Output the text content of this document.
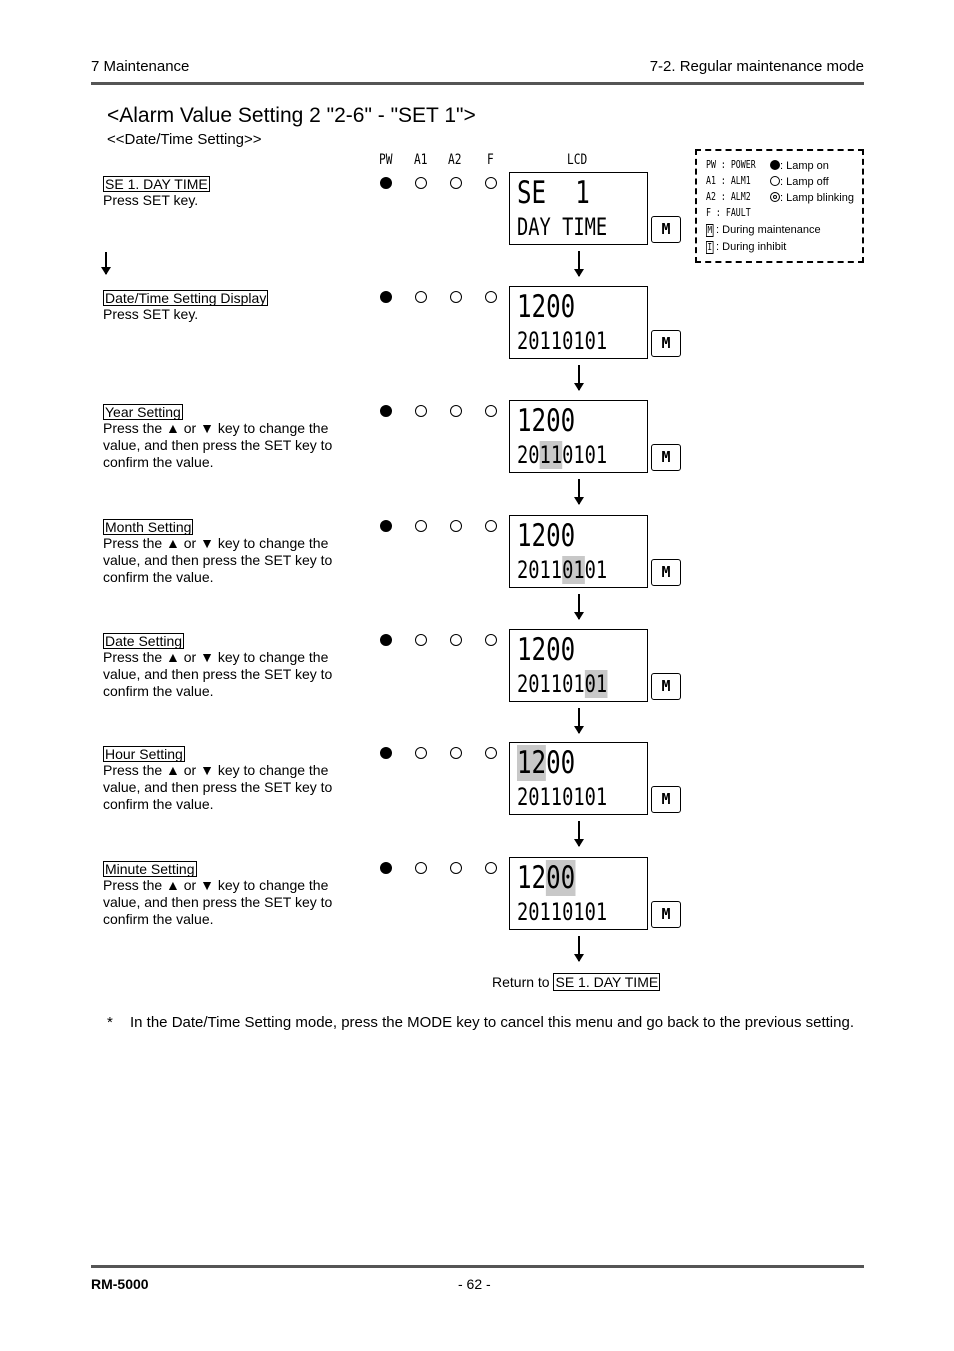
7 Maintenance	7-2. Regular maintenance mode
<Alarm Value Setting 2 "2-6" - "SET 1">
<<Date/Time Setting>>
PW A1 A2 F	LCD	PW : POWER
A1 : ALM1
A2 : ALM2
F : FAULT
: Lamp on
: Lamp off
: Lamp blinking
M : During maintenance
I : During inhibit
SE 1. DAY TIME
Press SET key.	SE  1
DAY TIME	M
Date/Time Setting Display
Press SET key.	1200
20110101	M
Year Setting
Press the ▲ or ▼ key to change the value, and then press the SET key to confirm the value.
1200
20110101	M
Month Setting
Press the ▲ or ▼ key to change the value, and then press the SET key to confirm the value.
1200
20110101	M
Date Setting
Press the ▲ or ▼ key to change the value, and then press the SET key to confirm the value.
1200
20110101	M
Hour Setting
Press the ▲ or ▼ key to change the value, and then press the SET key to confirm the value.
1200
20110101	M
Minute Setting
Press the ▲ or ▼ key to change the value, and then press the SET key to confirm the value.
1200
20110101	M
Return to SE 1. DAY TIME
* In the Date/Time Setting mode, press the MODE key to cancel this menu and go back to the previous setting.
RM-5000	- 62 -
